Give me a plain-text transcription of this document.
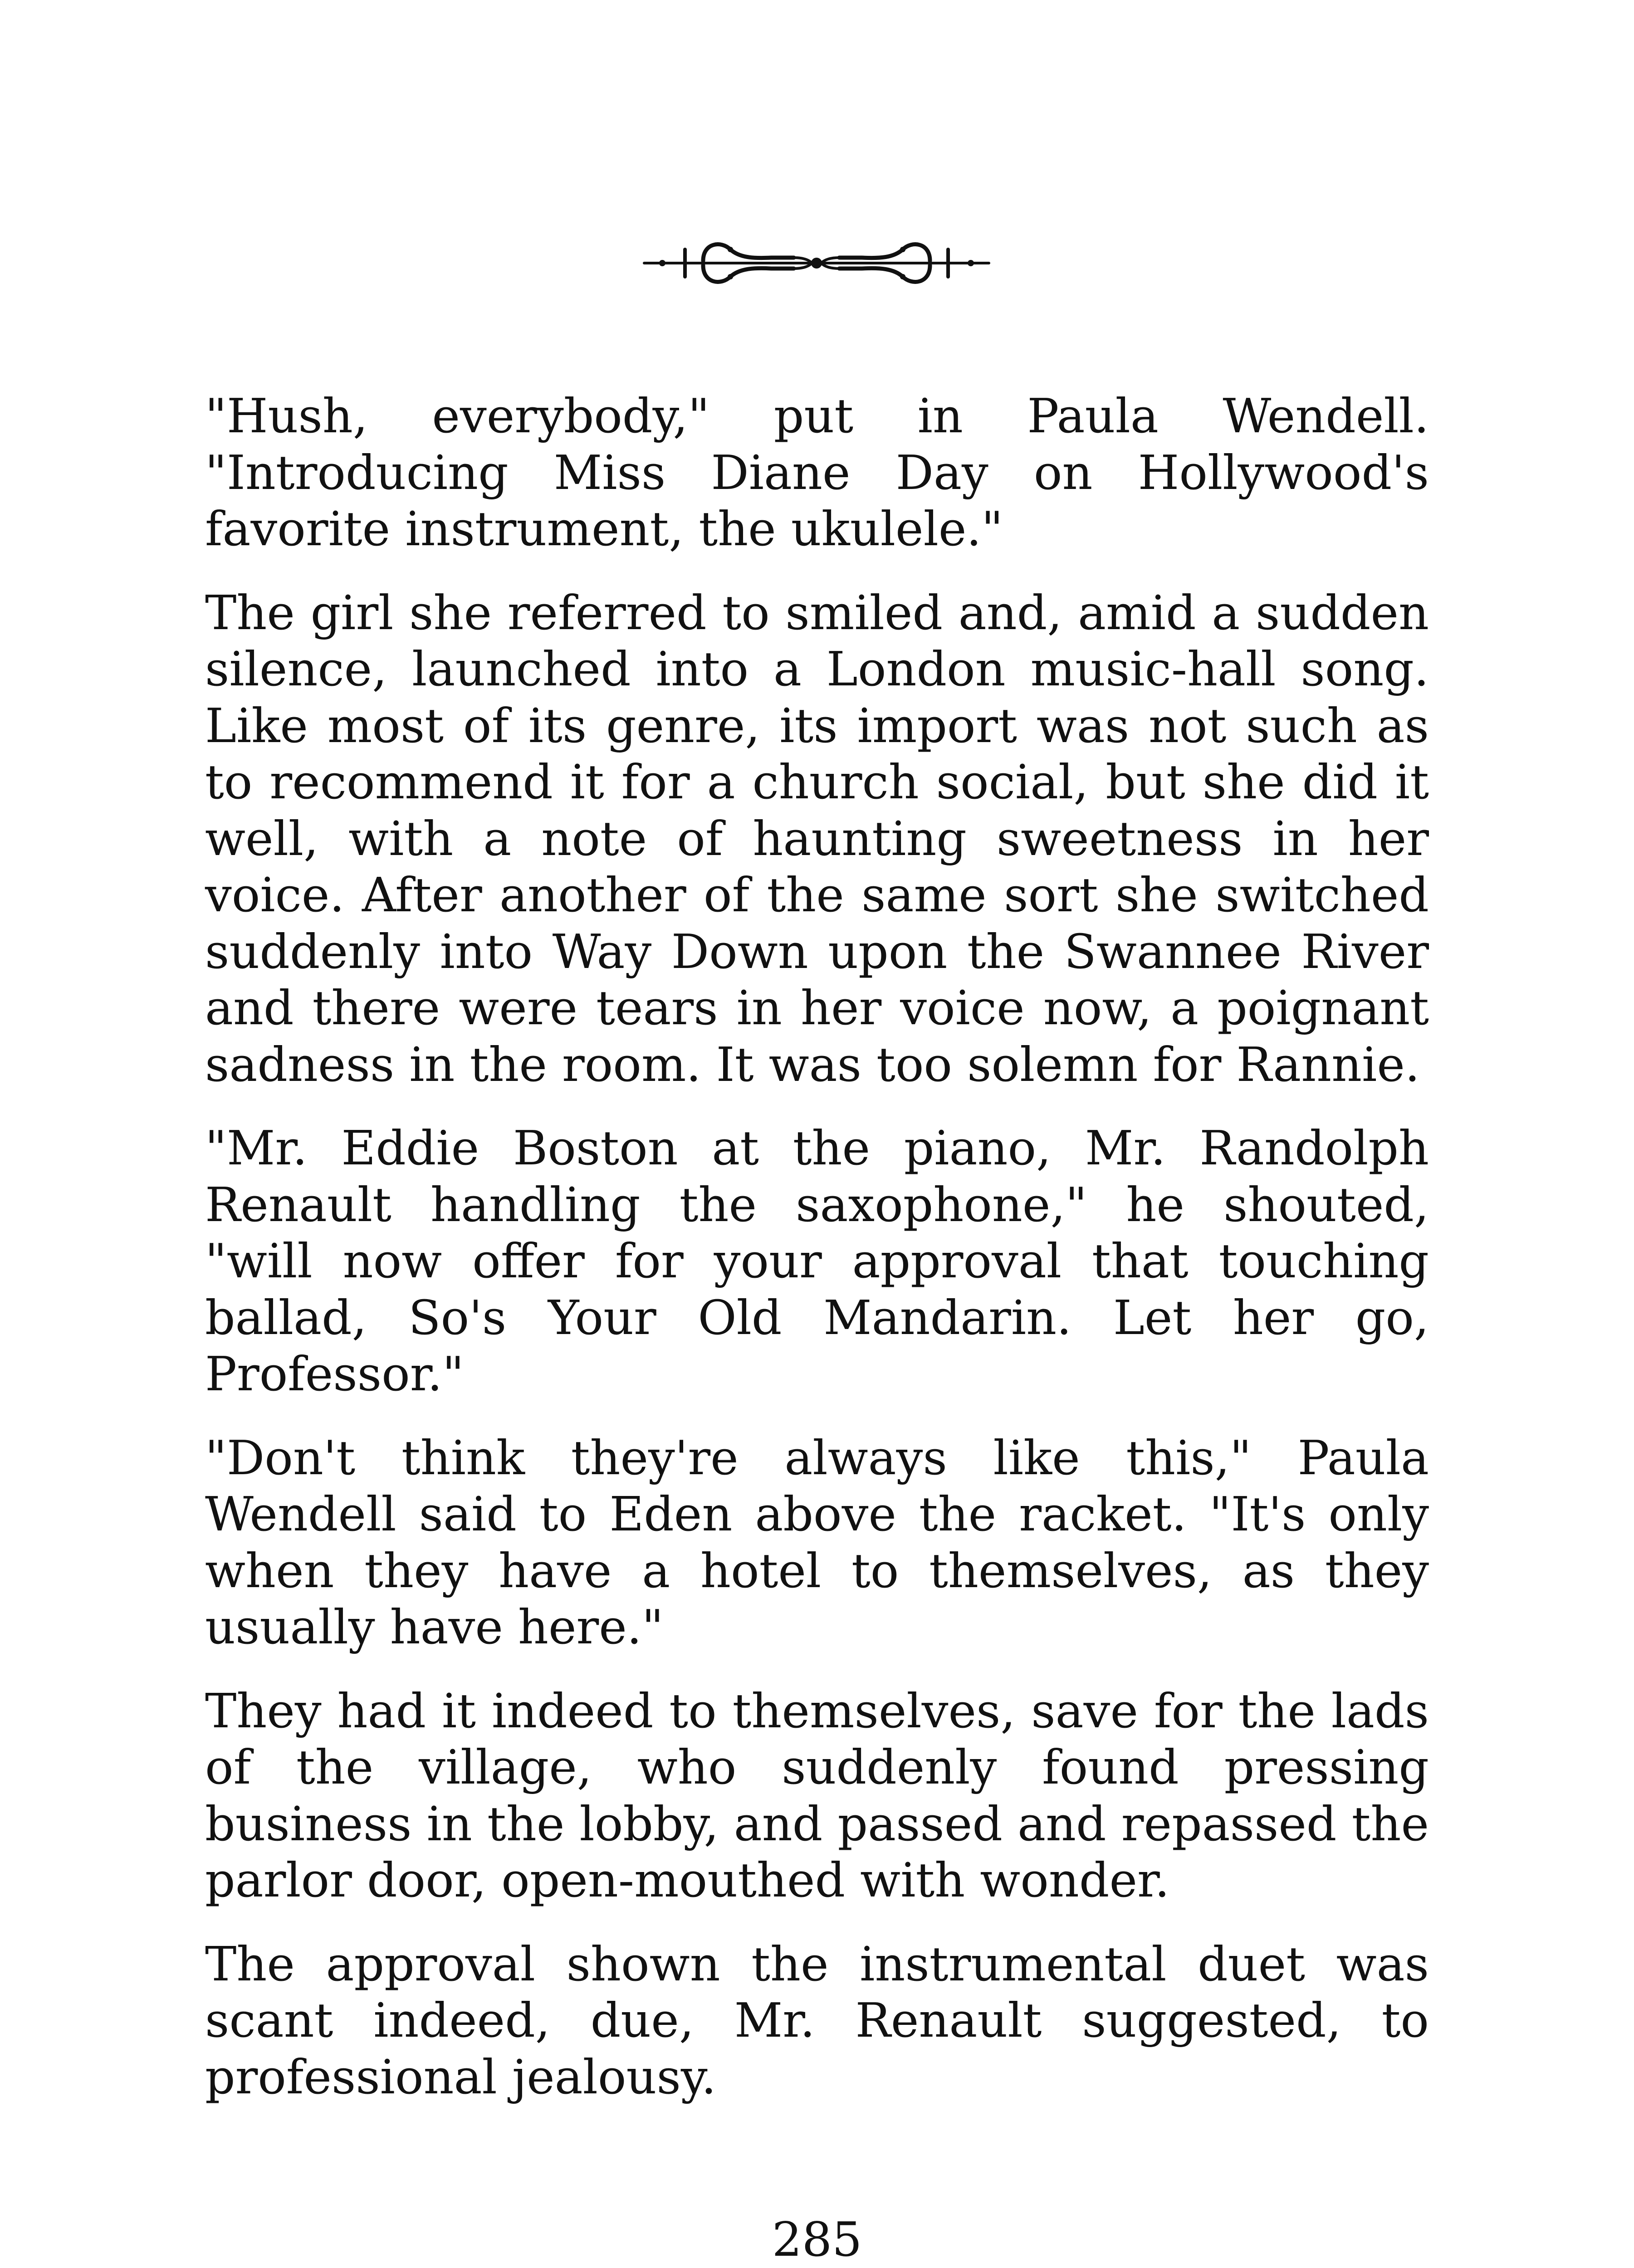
"Hush, everybody," put in Paula Wendell. "Introducing Miss Diane Day on Hollywood's favorite instrument, the ukulele."

The girl she referred to smiled and, amid a sudden silence, launched into a London music-hall song. Like most of its genre, its import was not such as to recommend it for a church social, but she did it well, with a note of haunting sweetness in her voice. After another of the same sort she switched suddenly into Way Down upon the Swannee River and there were tears in her voice now, a poignant sadness in the room. It was too solemn for Rannie.

"Mr. Eddie Boston at the piano, Mr. Randolph Renault handling the saxophone," he shouted, "will now offer for your approval that touching ballad, So's Your Old Mandarin. Let her go, Professor."

"Don't think they're always like this," Paula Wendell said to Eden above the racket. "It's only when they have a hotel to themselves, as they usually have here."

They had it indeed to themselves, save for the lads of the village, who suddenly found pressing business in the lobby, and passed and repassed the parlor door, open-mouthed with wonder.

The approval shown the instrumental duet was scant indeed, due, Mr. Renault suggested, to professional jealousy.

285
